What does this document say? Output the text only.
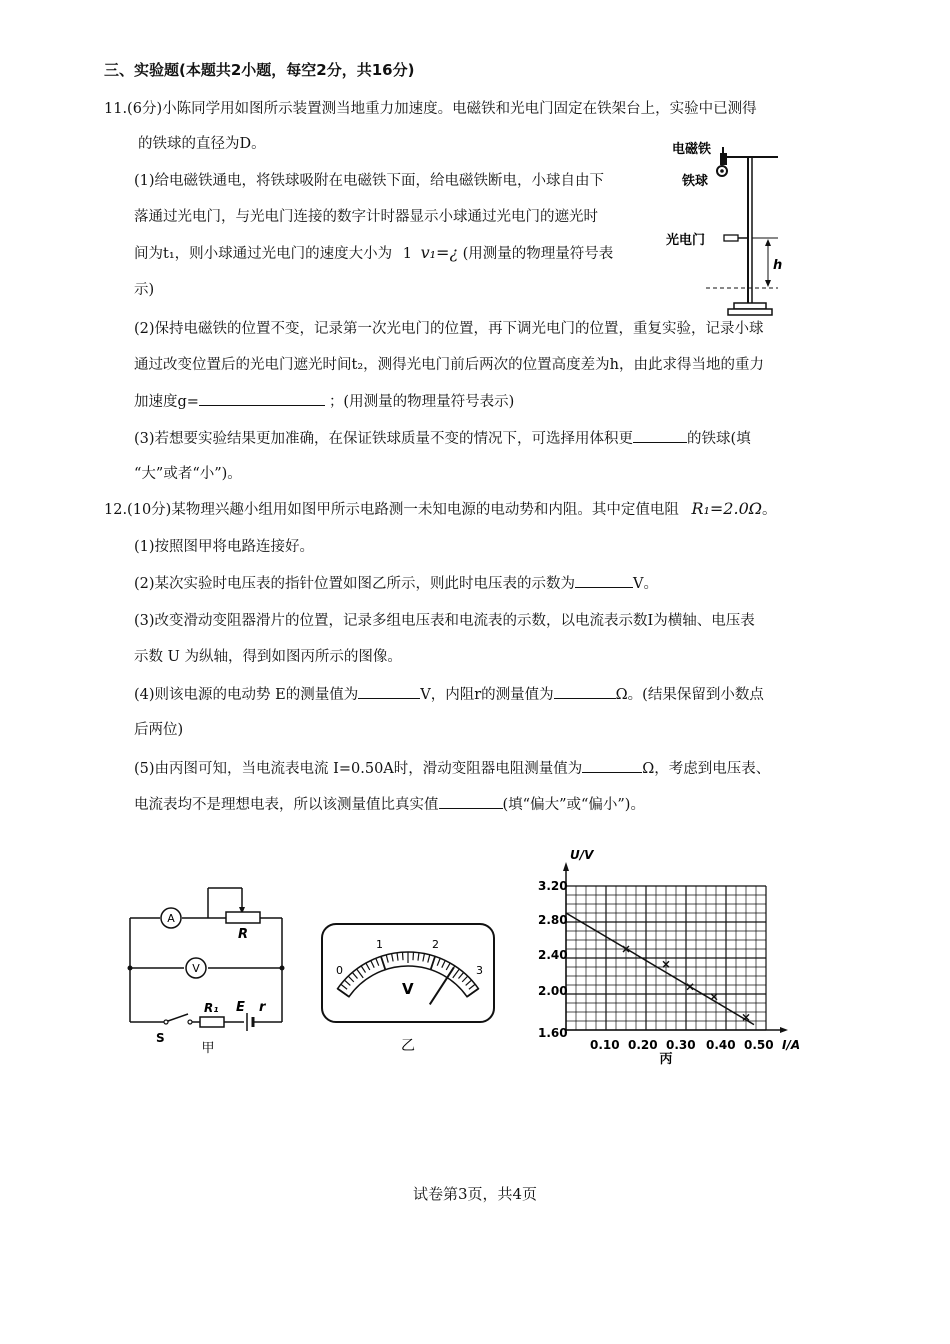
三、实验题(本题共2小题，每空2分，共16分)
11.(6分)小陈同学用如图所示装置测当地重力加速度。电磁铁和光电门固定在铁架台上，实验中已测得
的铁球的直径为D。
(1)给电磁铁通电，将铁球吸附在电磁铁下面，给电磁铁断电，小球自由下
落通过光电门，与光电门连接的数字计时器显示小球通过光电门的遮光时
间为t₁，则小球通过光电门的速度大小为 1 v₁=¿ (用测量的物理量符号表
示)
(2)保持电磁铁的位置不变，记录第一次光电门的位置，再下调光电门的位置，重复实验，记录小球
通过改变位置后的光电门遮光时间t₂，测得光电门前后两次的位置高度差为h，由此求得当地的重力
加速度g=	；(用测量的物理量符号表示)
(3)若想要实验结果更加准确，在保证铁球质量不变的情况下，可选择用体积更	的铁球(填
“大”或者“小”)。
电磁铁
铁球
光电门
h
12.(10分)某物理兴趣小组用如图甲所示电路测一未知电源的电动势和内阻。其中定值电阻 R₁=2.0Ω。
(1)按照图甲将电路连接好。
(2)某次实验时电压表的指针位置如图乙所示，则此时电压表的示数为	V。
(3)改变滑动变阻器滑片的位置，记录多组电压表和电流表的示数，以电流表示数I为横轴、电压表
示数 U 为纵轴，得到如图丙所示的图像。
(4)则该电源的电动势 E的测量值为	V，内阻r的测量值为	Ω。(结果保留到小数点
后两位)
(5)由丙图可知，当电流表电流 I=0.50A时，滑动变阻器电阻测量值为	Ω，考虑到电压表、
电流表均不是理想电表，所以该测量值比真实值	(填“偏大”或“偏小”)。
A
R
V
S
R₁ E r
甲
V
0
1	2
3
乙
U/V
I/A
1.60
2.00
2.40
2.80
3.20
0.10 0.20 0.30 0.40 0.50
丙
试卷第3页，共4页
